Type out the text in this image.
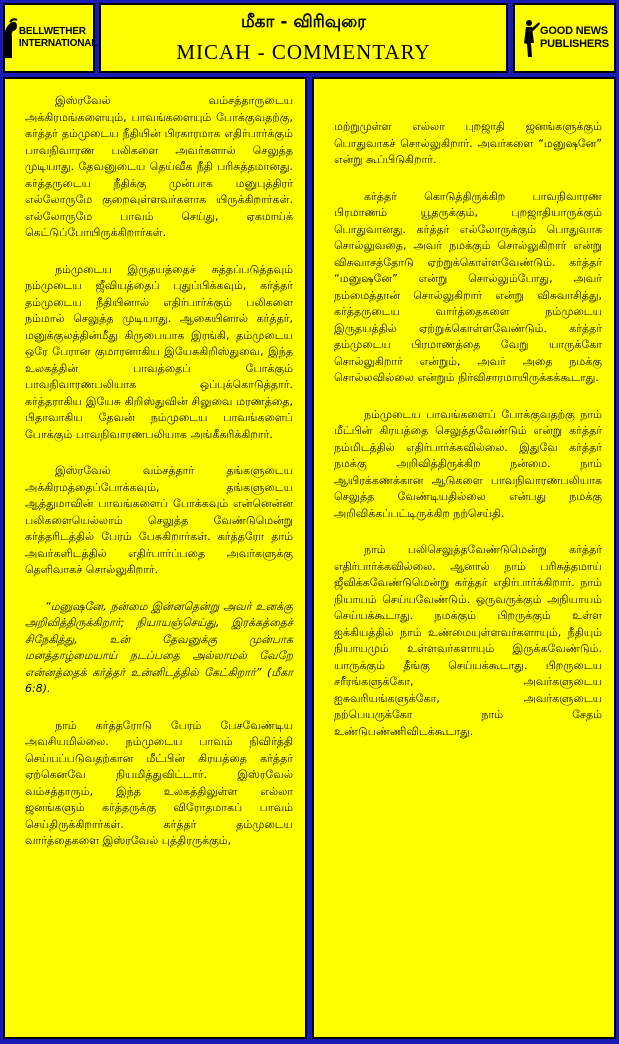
BELLWETHER
INTERNATIONAL
மீகா - விரிவுரை
MICAH - COMMENTARY
GOOD NEWS
PUBLISHERS

இஸ்ரவேல் வம்சத்தாருடைய அக்கிரமங்களையும், பாவங்களையும் போக்குவதற்கு, கர்த்தர் தம்முடைய நீதியின் பிரகாரமாக எதிர்பார்க்கும் பாவநிவாரண பலிகளை அவர்களால் செலுத்த முடியாது. தேவனுடைய தெய்வீக நீதி பரிசுத்தமானது. கர்த்தருடைய நீதிக்கு முன்பாக மனுபுத்திரர் எல்லோருமே குறைவுள்ளவர்களாக யிருக்கிறார்கள். எல்லோருமே பாவம் செய்து, ஏகமாய்க் கெட்டுப்போயிருக்கிறார்கள்.

நம்முடைய இருதயத்தைச் சுத்தப்படுத்தவும் நம்முடைய ஜீவியத்தைப் புதுப்பிக்கவும், கர்த்தர் தம்முடைய நீதியினால் எதிர்பார்க்கும் பலிகளை நம்மால் செலுத்த முடியாது. ஆகையினால் கர்த்தர், மனுக்குலத்தின்மீது கிருபையாக இரங்கி, தம்முடைய ஒரே பேரான குமாரனாகிய இயேசுகிறிஸ்துவை, இந்த உலகத்தின் பாவத்தைப் போக்கும் பாவநிவாரணபலியாக ஒப்புக்கொடுத்தார். கர்த்தராகிய இயேசு கிறிஸ்துவின் சிலுவை மரணத்தை, பிதாவாகிய தேவன் நம்முடைய பாவங்களைப் போக்கும் பாவநிவாரணபலியாக அங்கீகரிக்கிறார்.

இஸ்ரவேல் வம்சத்தார் தங்களுடைய அக்கிரமத்தைப்போக்கவும், தங்களுடைய ஆத்துமாவின் பாவங்களைப் போக்கவும் என்னென்ன பலிகளையெல்லாம் செலுத்த வேண்டுமென்று கர்த்தரிடத்தில் பேரம் பேசுகிறார்கள். கர்த்தரோ தாம் அவர்களிடத்தில் எதிர்பார்ப்பதை அவர்களுக்கு தெளிவாகச் சொல்லுகிறார்.

“மனுஷனே, நன்மை இன்னதென்று அவர் உனக்கு அறிவித்திருக்கிறார்; நியாயஞ்செய்து, இரக்கத்தைச் சிநேகித்து, உன் தேவனுக்கு முன்பாக மனத்தாழ்மையாய் நடப்பதை அல்லாமல் வேறே என்னத்தைக் கர்த்தர் உன்னிடத்தில் கேட்கிறார்” (மீகா 6:8).

நாம் கர்த்தரோடு பேரம் பேசவேண்டிய அவசியமில்லை. நம்முடைய பாவம் நிவிர்த்தி செய்யப்படுவதற்கான மீட்பின் கிரயத்தை கர்த்தர் ஏற்கெனவே நியமித்துவிட்டார். இஸ்ரவேல் வம்சத்தாரும், இந்த உலகத்திலுள்ள எல்லா ஜனங்களும் கர்த்தருக்கு விரோதமாகப் பாவம் செய்திருக்கிறார்கள். கர்த்தர் தம்முடைய வார்த்தைகளை இஸ்ரவேல் புத்திரருக்கும்,

மற்றுமுள்ள எல்லா புறஜாதி ஜனங்களுக்கும் பொதுவாகச் சொல்லுகிறார். அவர்களை “மனுஷனே” என்று கூப்பிடுகிறார்.

கர்த்தர் கொடுத்திருக்கிற பாவநிவாரண பிரமாணம் யூதருக்கும், புறஜாதியாருக்கும் பொதுவானது. கர்த்தர் எல்லோருக்கும் பொதுவாக சொல்லுவதை, அவர் நமக்கும் சொல்லுகிறார் என்று விசுவாசத்தோடு ஏற்றுக்கொள்ளவேண்டும். கர்த்தர் “மனுஷனே” என்று சொல்லும்போது, அவர் நம்மைத்தான் சொல்லுகிறார் என்று விசுவாசித்து, கர்த்தருடைய வார்த்தைகளை நம்முடைய இருதயத்தில் ஏற்றுக்கொள்ளவேண்டும். கர்த்தர் தம்முடைய பிரமாணத்தை வேறு யாருக்கோ சொல்லுகிறார் என்றும், அவர் அதை நமக்கு சொல்லவில்லை என்றும் நிர்விசாரமாயிருக்கக்கூடாது.

நம்முடைய பாவங்களைப் போக்குவதற்கு நாம் மீட்பின் கிரயத்தை செலுத்தவேண்டும் என்று கர்த்தர் நம்மிடத்தில் எதிர்பார்க்கவில்லை. இதுவே கர்த்தர் நமக்கு அறிவித்திருக்கிற நன்மை. நாம் ஆயிரக்கணக்கான ஆடுகளை பாவநிவாரணபலியாக செலுத்த வேண்டியதில்லை என்பது நமக்கு அறிவிக்கப்பட்டிருக்கிற நற்செய்தி.

நாம் பலிசெலுத்தவேண்டுமென்று கர்த்தர் எதிர்பார்க்கவில்லை. ஆனால் நாம் பரிசுத்தமாய் ஜீவிக்கவேண்டுமென்று கர்த்தர் எதிர்பார்க்கிறார். நாம் நியாயம் செய்யவேண்டும். ஒருவருக்கும் அநியாயம் செய்யக்கூடாது. நமக்கும் பிறருக்கும் உள்ள ஐக்கியத்தில் நாம் உண்மையுள்ளவர்களாயும், நீதியும் நியாயமும் உள்ளவர்களாயும் இருக்கவேண்டும். யாருக்கும் தீங்கு செய்யக்கூடாது. பிறருடைய சரீரங்களுக்கோ, அவர்களுடைய ஐசுவரியங்களுக்கோ, அவர்களுடைய நற்பெயருக்கோ நாம் சேதம் உண்டுபண்ணிவிடக்கூடாது.
